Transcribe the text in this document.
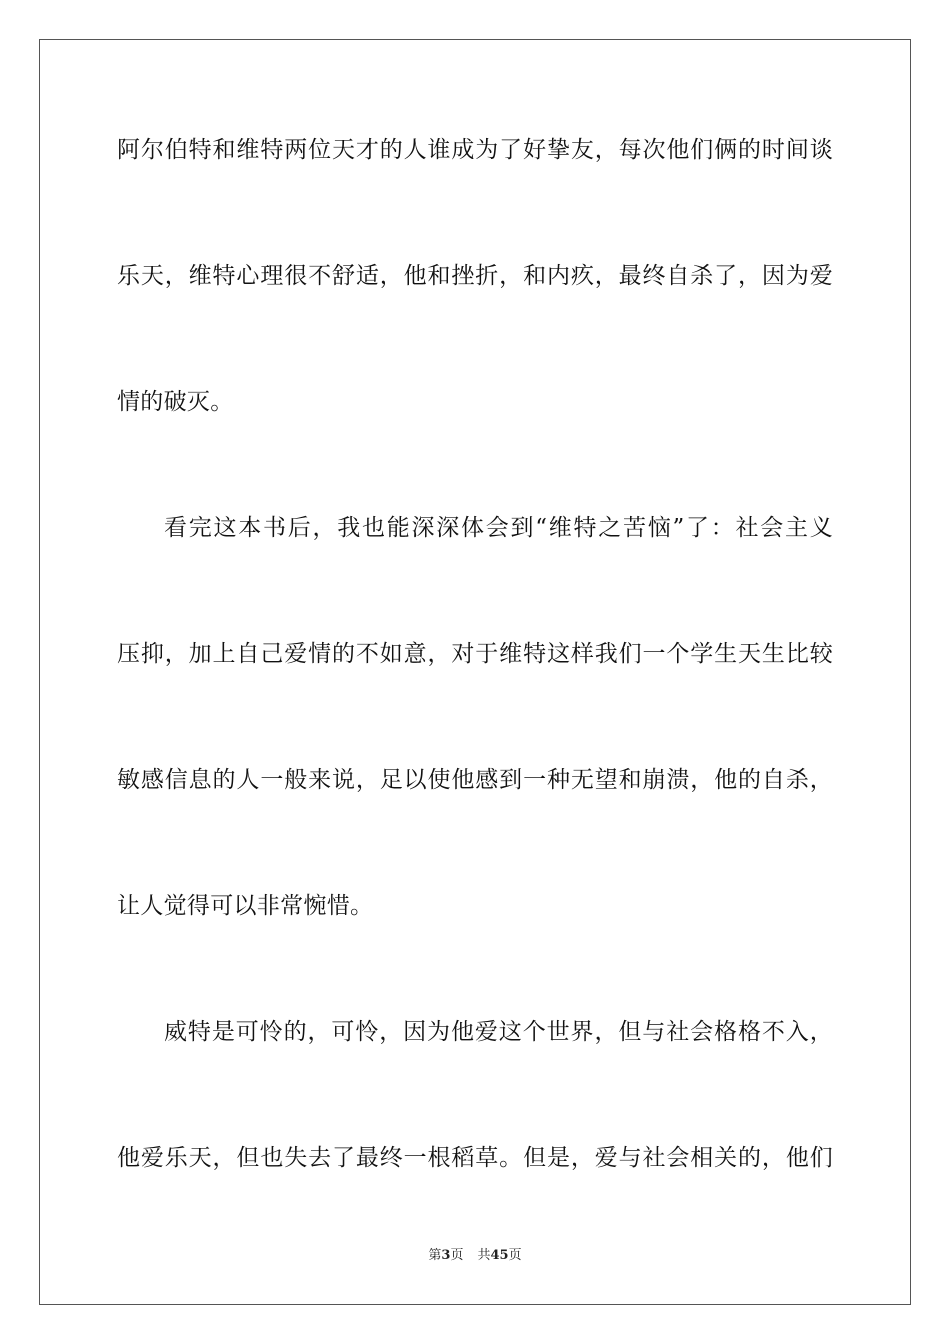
阿尔伯特和维特两位天才的人谁成为了好挚友，每次他们俩的时间谈
乐天，维特心理很不舒适，他和挫折，和内疚，最终自杀了，因为爱
情的破灭。
看完这本书后，我也能深深体会到“维特之苦恼”了：社会主义
压抑，加上自己爱情的不如意，对于维特这样我们一个学生天生比较
敏感信息的人一般来说，足以使他感到一种无望和崩溃，他的自杀，
让人觉得可以非常惋惜。
威特是可怜的，可怜，因为他爱这个世界，但与社会格格不入，
他爱乐天，但也失去了最终一根稻草。但是，爱与社会相关的，他们
第3页 共45页
